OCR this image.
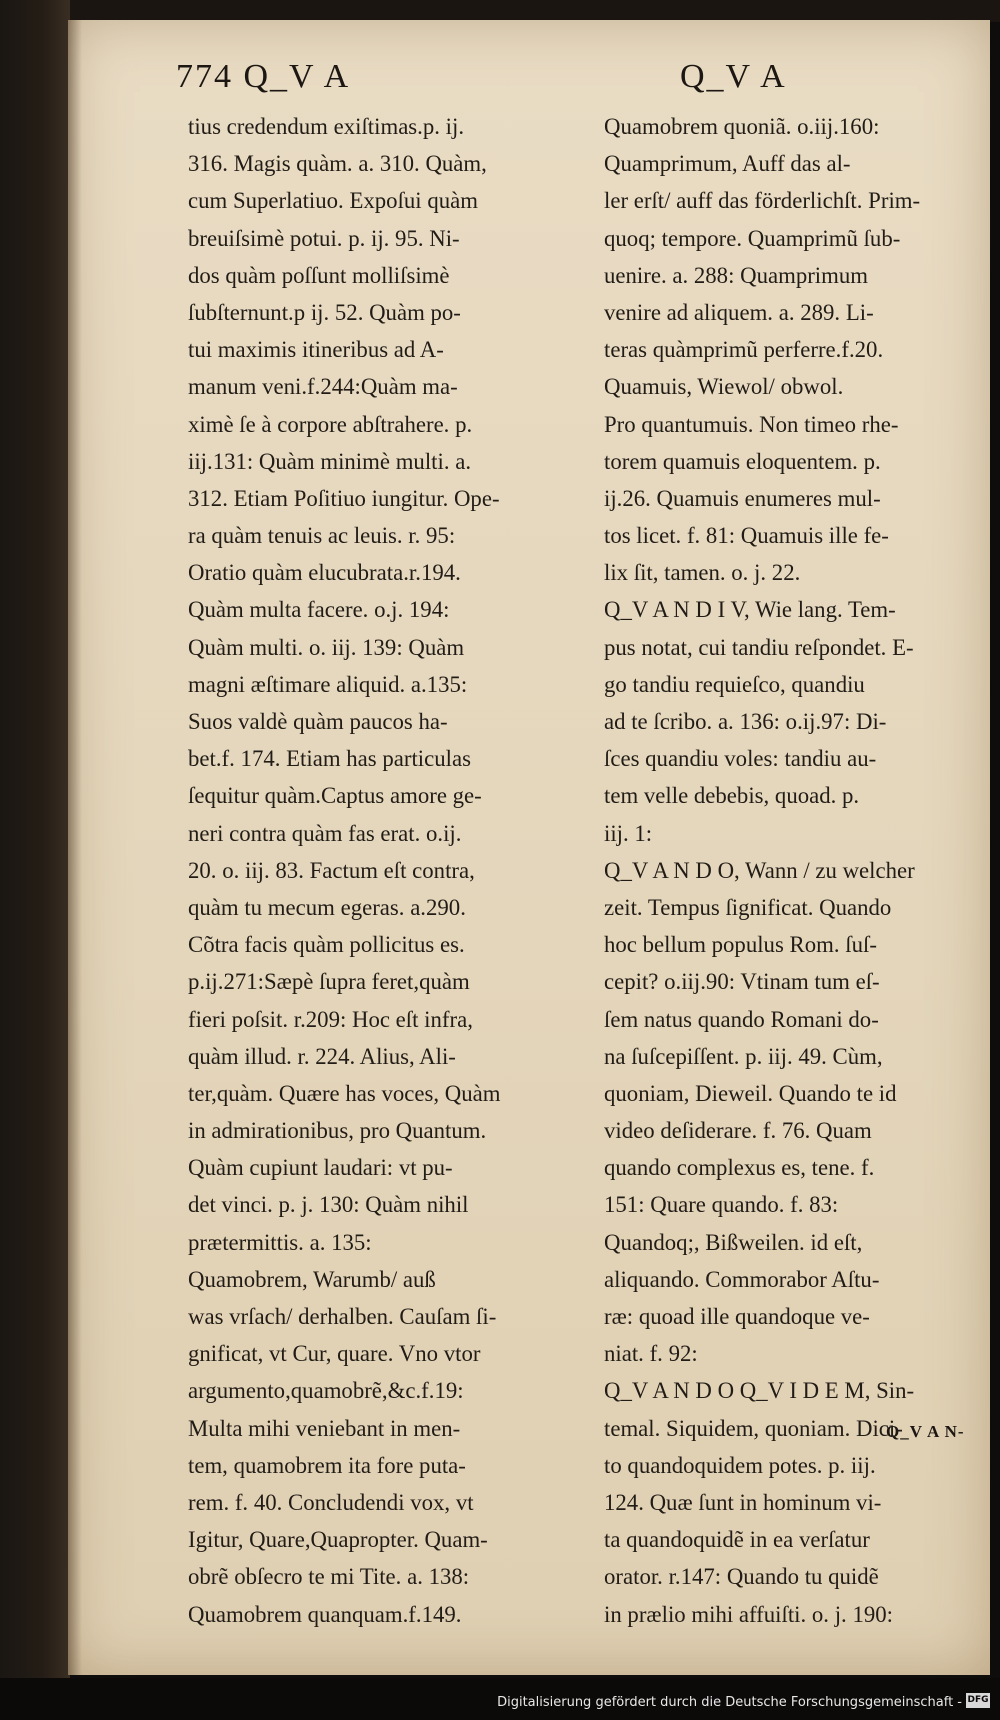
774 Q_V A	Q_V A
tius credendum exiſtimas.p. ij.
316. Magis quàm. a. 310. Quàm,
cum Superlatiuo. Expoſui quàm
breuiſsimè potui. p. ij. 95. Ni-
dos quàm poſſunt molliſsimè
ſubſternunt.p ij. 52. Quàm po-
tui maximis itineribus ad A-
manum veni.f.244:Quàm ma-
ximè ſe à corpore abſtrahere. p.
iij.131: Quàm minimè multi. a.
312. Etiam Poſitiuo iungitur. Ope-
ra quàm tenuis ac leuis. r. 95:
Oratio quàm elucubrata.r.194.
Quàm multa facere. o.j. 194:
Quàm multi. o. iij. 139: Quàm
magni æſtimare aliquid. a.135:
Suos valdè quàm paucos ha-
bet.f. 174. Etiam has particulas
ſequitur quàm.Captus amore ge-
neri contra quàm fas erat. o.ij.
20. o. iij. 83. Factum eſt contra,
quàm tu mecum egeras. a.290.
Cõtra facis quàm pollicitus es.
p.ij.271:Sæpè ſupra feret,quàm
fieri poſsit. r.209: Hoc eſt infra,
quàm illud. r. 224. Alius, Ali-
ter,quàm. Quære has voces, Quàm
in admirationibus, pro Quantum.
Quàm cupiunt laudari: vt pu-
det vinci. p. j. 130: Quàm nihil
prætermittis. a. 135:
Quamobrem, Warumb/ auß
was vrſach/ derhalben. Cauſam ſi-
gnificat, vt Cur, quare. Vno vtor
argumento,quamobrẽ,&c.f.19:
Multa mihi veniebant in men-
tem, quamobrem ita fore puta-
rem. f. 40. Concludendi vox, vt
Igitur, Quare,Quapropter. Quam-
obrẽ obſecro te mi Tite. a. 138:
Quamobrem quanquam.f.149.
Quamobrem quoniã. o.iij.160:
Quamprimum, Auff das al-
ler erſt/ auff das förderlichſt. Prim-
quoq; tempore. Quamprimũ ſub-
uenire. a. 288: Quamprimum
venire ad aliquem. a. 289. Li-
teras quàmprimũ perferre.f.20.
Quamuis, Wiewol/ obwol.
Pro quantumuis. Non timeo rhe-
torem quamuis eloquentem. p.
ij.26. Quamuis enumeres mul-
tos licet. f. 81: Quamuis ille fe-
lix ſit, tamen. o. j. 22.
Q_V A N D I V, Wie lang. Tem-
pus notat, cui tandiu reſpondet. E-
go tandiu requieſco, quandiu
ad te ſcribo. a. 136: o.ij.97: Di-
ſces quandiu voles: tandiu au-
tem velle debebis, quoad. p.
iij. 1:
Q_V A N D O, Wann / zu welcher
zeit. Tempus ſignificat. Quando
hoc bellum populus Rom. ſuſ-
cepit? o.iij.90: Vtinam tum eſ-
ſem natus quando Romani do-
na ſuſcepiſſent. p. iij. 49. Cùm,
quoniam, Dieweil. Quando te id
video deſiderare. f. 76. Quam
quando complexus es, tene. f.
151: Quare quando. f. 83:
Quandoq;, Bißweilen. id eſt,
aliquando. Commorabor Aſtu-
ræ: quoad ille quandoque ve-
niat. f. 92:
Q_V A N D O Q_V I D E M, Sin-
temal. Siquidem, quoniam. Dici-
to quandoquidem potes. p. iij.
124. Quæ ſunt in hominum vi-
ta quandoquidẽ in ea verſatur
orator. r.147: Quando tu quidẽ
in prælio mihi affuiſti. o. j. 190:
Q_V A N-
Digitalisierung gefördert durch die Deutsche Forschungsgemeinschaft - DFG
